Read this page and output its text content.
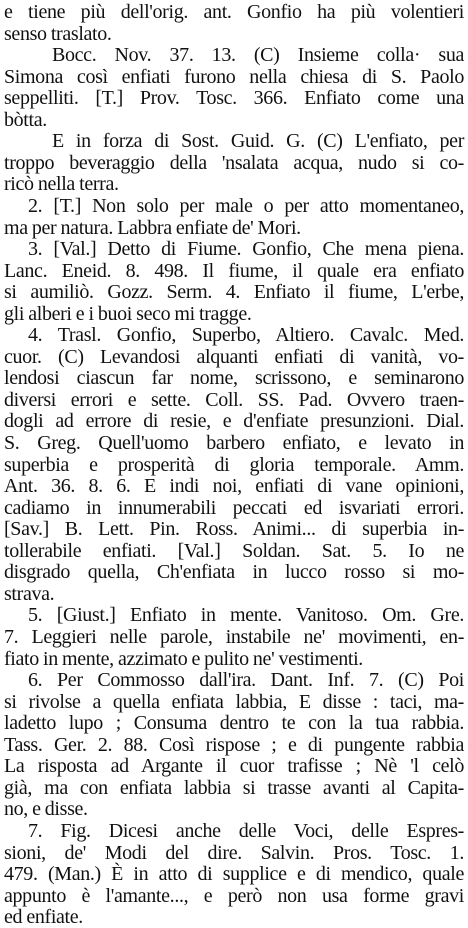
e tiene più dell'orig. ant. Gonfio ha più volentieri
senso traslato.
Bocc. Nov. 37. 13. (C) Insieme colla· sua
Simona così enfiati furono nella chiesa di S. Paolo
seppelliti. [T.] Prov. Tosc. 366. Enfiato come una
bòtta.
E in forza di Sost. Guid. G. (C) L'enfiato, per
troppo beveraggio della 'nsalata acqua, nudo si co-
ricò nella terra.
2. [T.] Non solo per male o per atto momentaneo,
ma per natura. Labbra enfiate de' Mori.
3. [Val.] Detto di Fiume. Gonfio, Che mena piena.
Lanc. Eneid. 8. 498. Il fiume, il quale era enfiato
si aumiliò. Gozz. Serm. 4. Enfiato il fiume, L'erbe,
gli alberi e i buoi seco mi tragge.
4. Trasl. Gonfio, Superbo, Altiero. Cavalc. Med.
cuor. (C) Levandosi alquanti enfiati di vanità, vo-
lendosi ciascun far nome, scrissono, e seminarono
diversi errori e sette. Coll. SS. Pad. Ovvero traen-
dogli ad errore di resie, e d'enfiate presunzioni. Dial.
S. Greg. Quell'uomo barbero enfiato, e levato in
superbia e prosperità di gloria temporale. Amm.
Ant. 36. 8. 6. E indi noi, enfiati di vane opinioni,
cadiamo in innumerabili peccati ed isvariati errori.
[Sav.] B. Lett. Pin. Ross. Animi... di superbia in-
tollerabile enfiati. [Val.] Soldan. Sat. 5. Io ne
disgrado quella, Ch'enfiata in lucco rosso si mo-
strava.
5. [Giust.] Enfiato in mente. Vanitoso. Om. Gre.
7. Leggieri nelle parole, instabile ne' movimenti, en-
fiato in mente, azzimato e pulito ne' vestimenti.
6. Per Commosso dall'ira. Dant. Inf. 7. (C) Poi
si rivolse a quella enfiata labbia, E disse : taci, ma-
ladetto lupo ; Consuma dentro te con la tua rabbia.
Tass. Ger. 2. 88. Così rispose ; e di pungente rabbia
La risposta ad Argante il cuor trafisse ; Nè 'l celò
già, ma con enfiata labbia si trasse avanti al Capita-
no, e disse.
7. Fig. Dicesi anche delle Voci, delle Espres-
sioni, de' Modi del dire. Salvin. Pros. Tosc. 1.
479. (Man.) È in atto di supplice e di mendico, quale
appunto è l'amante..., e però non usa forme gravi
ed enfiate.
